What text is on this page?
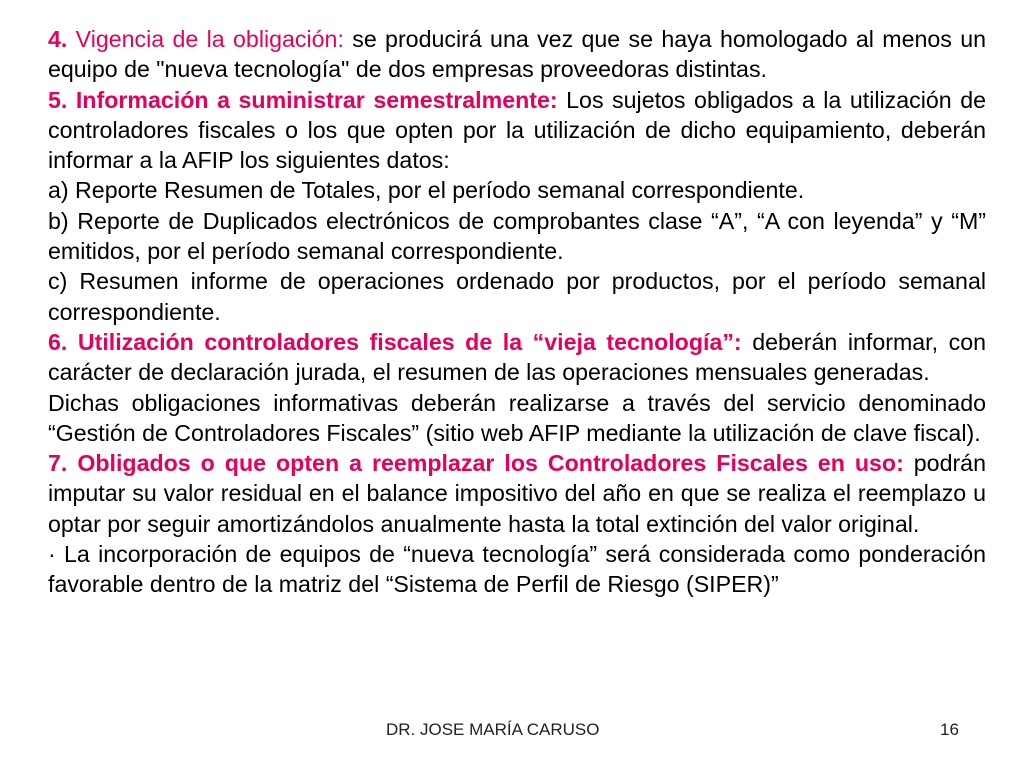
4. Vigencia de la obligación: se producirá una vez que se haya homologado al menos un equipo de "nueva tecnología" de dos empresas proveedoras distintas.

5. Información a suministrar semestralmente: Los sujetos obligados a la utilización de controladores fiscales o los que opten por la utilización de dicho equipamiento, deberán informar a la AFIP los siguientes datos:

a) Reporte Resumen de Totales, por el período semanal correspondiente.

b) Reporte de Duplicados electrónicos de comprobantes clase “A”, “A con leyenda” y “M” emitidos, por el período semanal correspondiente.

c) Resumen informe de operaciones ordenado por productos, por el período semanal correspondiente.

6. Utilización controladores fiscales de la “vieja tecnología”: deberán informar, con carácter de declaración jurada, el resumen de las operaciones mensuales generadas.

Dichas obligaciones informativas deberán realizarse a través del servicio denominado “Gestión de Controladores Fiscales” (sitio web AFIP mediante la utilización de clave fiscal).

7. Obligados o que opten a reemplazar los Controladores Fiscales en uso: podrán imputar su valor residual en el balance impositivo del año en que se realiza el reemplazo u optar por seguir amortizándolos anualmente hasta la total extinción del valor original.

· La incorporación de equipos de “nueva tecnología” será considerada como ponderación favorable dentro de la matriz del “Sistema de Perfil de Riesgo (SIPER)”

DR. JOSE MARÍA CARUSO	16
